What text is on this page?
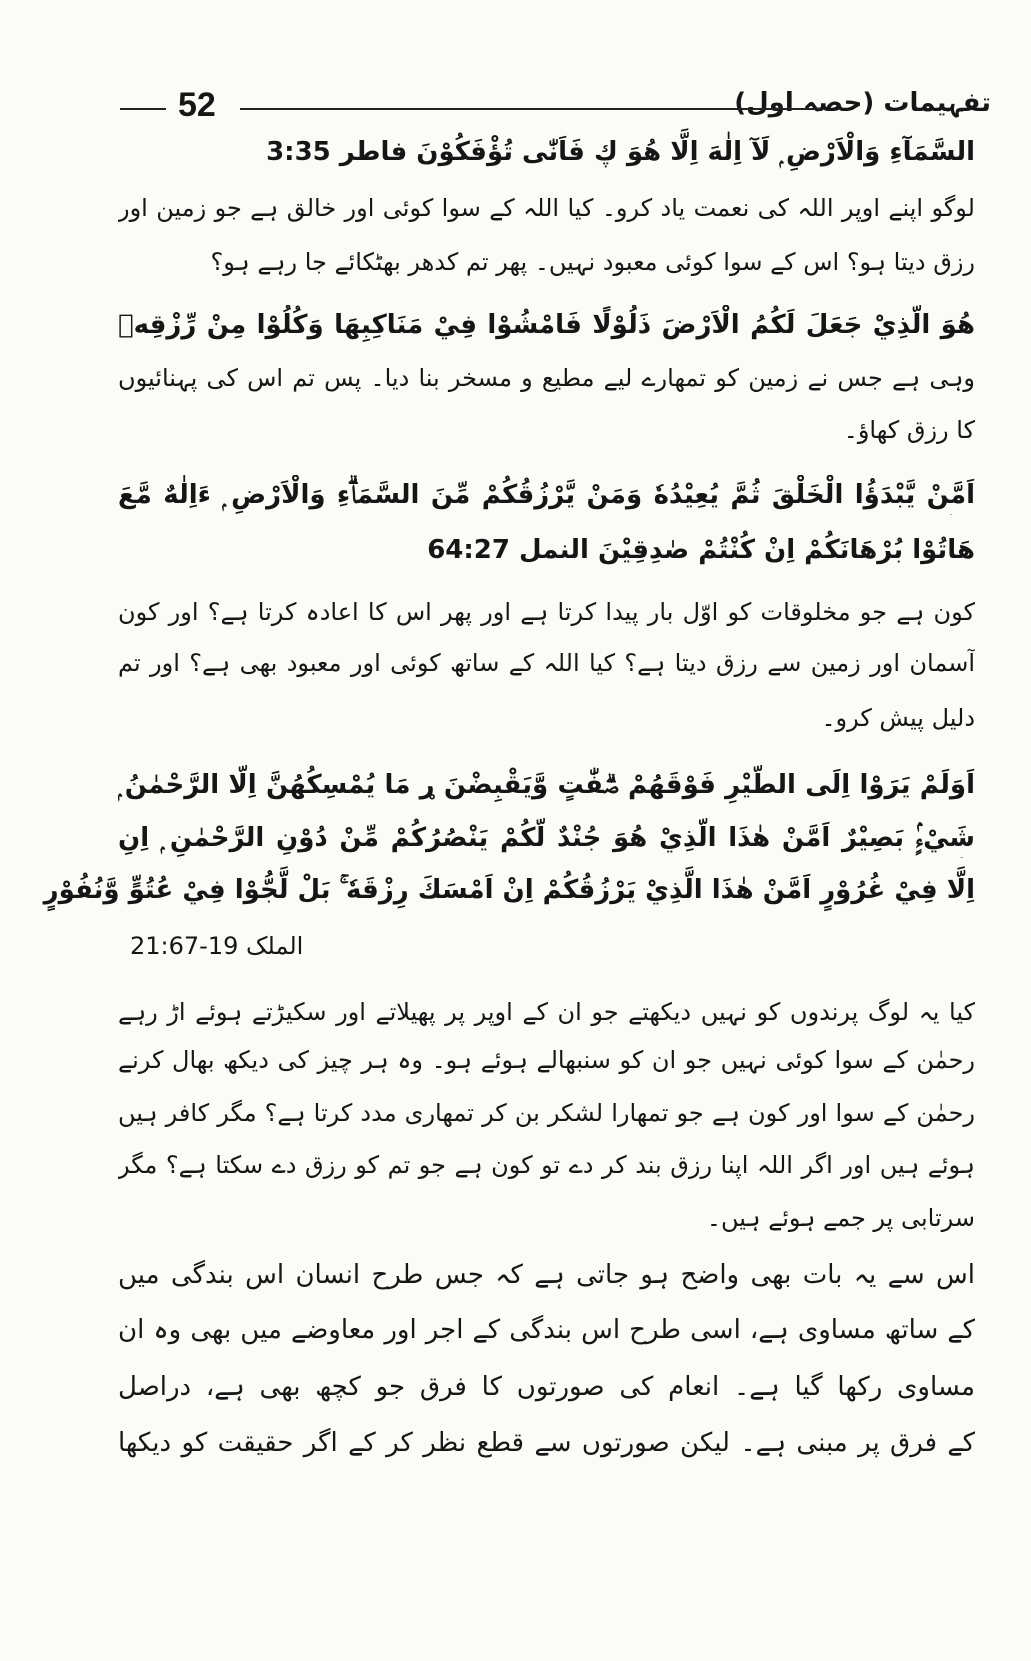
تفہیمات (حصہ اول)
52
السَّمَآءِ وَالْاَرْضِ ۭ لَآ اِلٰهَ اِلَّا هُوَ ڮ فَاَنّٰى تُؤْفَكُوْنَ فاطر 3:35
لوگو اپنے اوپر اللہ کی نعمت یاد کرو۔ کیا اللہ کے سوا کوئی اور خالق ہے جو زمین اور
رزق دیتا ہو؟ اس کے سوا کوئی معبود نہیں۔ پھر تم کدھر بھٹکائے جا رہے ہو؟
هُوَ الَّذِيْ جَعَلَ لَكُمُ الْاَرْضَ ذَلُوْلًا فَامْشُوْا فِيْ مَنَاكِبِهَا وَكُلُوْا مِنْ رِّزْقِهٖ
وہی ہے جس نے زمین کو تمھارے لیے مطیع و مسخر بنا دیا۔ پس تم اس کی پہنائیوں
کا رزق کھاؤ۔
اَمَّنْ يَّبْدَؤُا الْخَلْقَ ثُمَّ يُعِيْدُهٗ وَمَنْ يَّرْزُقُكُمْ مِّنَ السَّمَاۗءِ وَالْاَرْضِ ۭ ءَاِلٰهٌ مَّعَ
هَاتُوْا بُرْهَانَكُمْ اِنْ كُنْتُمْ صٰدِقِيْنَ النمل 64:27
کون ہے جو مخلوقات کو اوّل بار پیدا کرتا ہے اور پھر اس کا اعادہ کرتا ہے؟ اور کون
آسمان اور زمین سے رزق دیتا ہے؟ کیا اللہ کے ساتھ کوئی اور معبود بھی ہے؟ اور تم
دلیل پیش کرو۔
اَوَلَمْ يَرَوْا اِلَى الطَّيْرِ فَوْقَهُمْ صٰۗفّٰتٍ وَّيَقْبِضْنَ ړ مَا يُمْسِكُهُنَّ اِلَّا الرَّحْمٰنُ ۭ
شَيْءٍۢ بَصِيْرٌ اَمَّنْ هٰذَا الَّذِيْ هُوَ جُنْدٌ لَّكُمْ يَنْصُرُكُمْ مِّنْ دُوْنِ الرَّحْمٰنِ ۭ اِنِ
اِلَّا فِيْ غُرُوْرٍ اَمَّنْ هٰذَا الَّذِيْ يَرْزُقُكُمْ اِنْ اَمْسَكَ رِزْقَهٗ ۚ بَلْ لَّجُّوْا فِيْ عُتُوٍّ وَّنُفُوْرٍ
الملک 19-21:67
کیا یہ لوگ پرندوں کو نہیں دیکھتے جو ان کے اوپر پر پھیلاتے اور سکیڑتے ہوئے اڑ رہے
رحمٰن کے سوا کوئی نہیں جو ان کو سنبھالے ہوئے ہو۔ وہ ہر چیز کی دیکھ بھال کرنے
رحمٰن کے سوا اور کون ہے جو تمھارا لشکر بن کر تمھاری مدد کرتا ہے؟ مگر کافر ہیں
ہوئے ہیں اور اگر اللہ اپنا رزق بند کر دے تو کون ہے جو تم کو رزق دے سکتا ہے؟ مگر
سرتابی پر جمے ہوئے ہیں۔
اس سے یہ بات بھی واضح ہو جاتی ہے کہ جس طرح انسان اس بندگی میں
کے ساتھ مساوی ہے، اسی طرح اس بندگی کے اجر اور معاوضے میں بھی وہ ان
مساوی رکھا گیا ہے۔ انعام کی صورتوں کا فرق جو کچھ بھی ہے، دراصل
کے فرق پر مبنی ہے۔ لیکن صورتوں سے قطع نظر کر کے اگر حقیقت کو دیکھا
